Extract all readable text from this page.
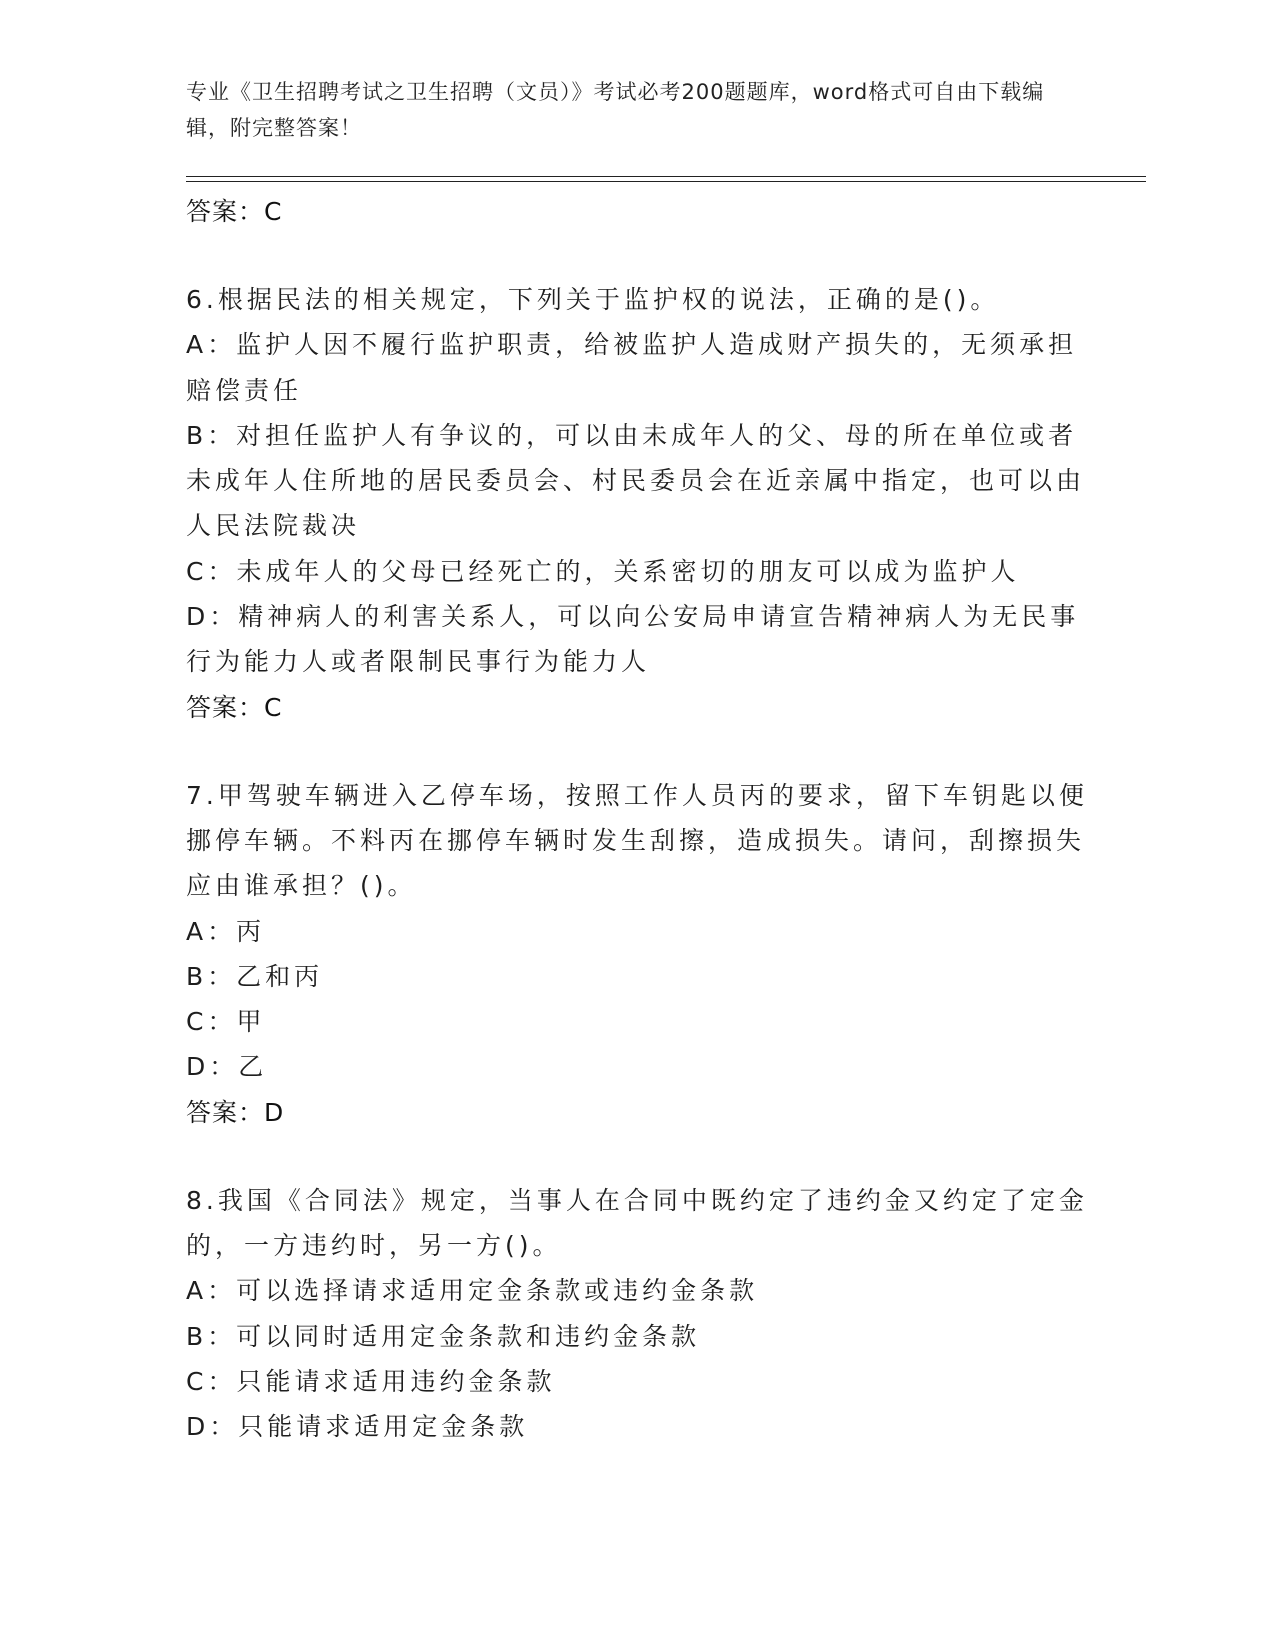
专业《卫生招聘考试之卫生招聘（文员）》考试必考200题题库，word格式可自由下载编辑，附完整答案！
答案：C
6.根据民法的相关规定，下列关于监护权的说法，正确的是()。
A：监护人因不履行监护职责，给被监护人造成财产损失的，无须承担赔偿责任
B：对担任监护人有争议的，可以由未成年人的父、母的所在单位或者未成年人住所地的居民委员会、村民委员会在近亲属中指定，也可以由人民法院裁决
C：未成年人的父母已经死亡的，关系密切的朋友可以成为监护人
D：精神病人的利害关系人，可以向公安局申请宣告精神病人为无民事行为能力人或者限制民事行为能力人
答案：C
7.甲驾驶车辆进入乙停车场，按照工作人员丙的要求，留下车钥匙以便挪停车辆。不料丙在挪停车辆时发生刮擦，造成损失。请问，刮擦损失应由谁承担？()。
A：丙
B：乙和丙
C：甲
D：乙
答案：D
8.我国《合同法》规定，当事人在合同中既约定了违约金又约定了定金的，一方违约时，另一方()。
A：可以选择请求适用定金条款或违约金条款
B：可以同时适用定金条款和违约金条款
C：只能请求适用违约金条款
D：只能请求适用定金条款
